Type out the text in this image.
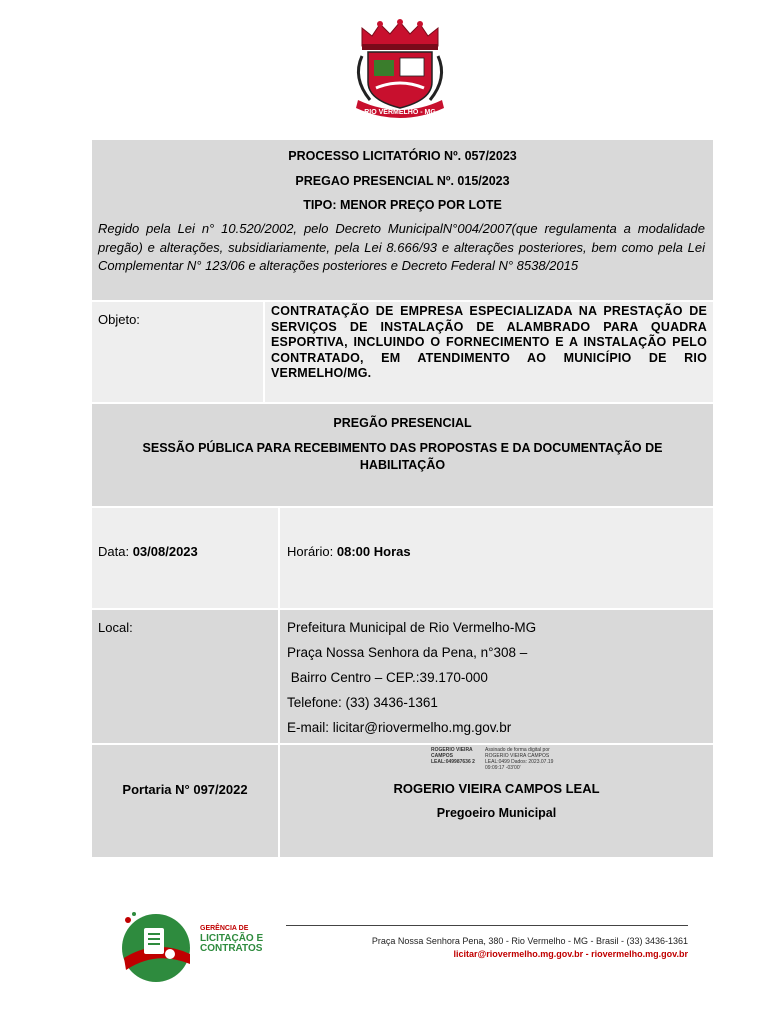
RIO VERMELHO - MG
PROCESSO LICITATÓRIO Nº. 057/2023
PREGAO PRESENCIAL Nº. 015/2023
TIPO: MENOR PREÇO POR LOTE
Regido pela Lei n° 10.520/2002, pelo Decreto MunicipalN°004/2007(que regulamenta a modalidade pregão) e alterações, subsidiariamente, pela Lei 8.666/93 e alterações posteriores, bem como pela Lei Complementar N° 123/06 e alterações posteriores e Decreto Federal N° 8538/2015
Objeto:
CONTRATAÇÃO DE EMPRESA ESPECIALIZADA NA PRESTAÇÃO DE SERVIÇOS DE INSTALAÇÃO DE ALAMBRADO PARA QUADRA ESPORTIVA, INCLUINDO O FORNECIMENTO E A INSTALAÇÃO PELO CONTRATADO, EM ATENDIMENTO AO MUNICÍPIO DE RIO VERMELHO/MG.
PREGÃO PRESENCIAL
SESSÃO PÚBLICA PARA RECEBIMENTO DAS PROPOSTAS E DA DOCUMENTAÇÃO DE HABILITAÇÃO
Data: 03/08/2023	Horário: 08:00 Horas
Local:	Prefeitura Municipal de Rio Vermelho-MG
Praça Nossa Senhora da Pena, n°308 –
Bairro Centro – CEP.:39.170-000
Telefone: (33) 3436-1361
E-mail: licitar@riovermelho.mg.gov.br
Portaria N° 097/2022
ROGERIO VIEIRA CAMPOS LEAL:049987636 2
Assinado de forma digital por ROGERIO VIEIRA CAMPOS LEAL:0499 Dados: 2023.07.19 09:09:17 -03'00'
ROGERIO VIEIRA CAMPOS LEAL
Pregoeiro Municipal
GERÊNCIA DE
LICITAÇÃO E
CONTRATOS
Praça Nossa Senhora Pena, 380 - Rio Vermelho - MG - Brasil - (33) 3436-1361
licitar@riovermelho.mg.gov.br - riovermelho.mg.gov.br
